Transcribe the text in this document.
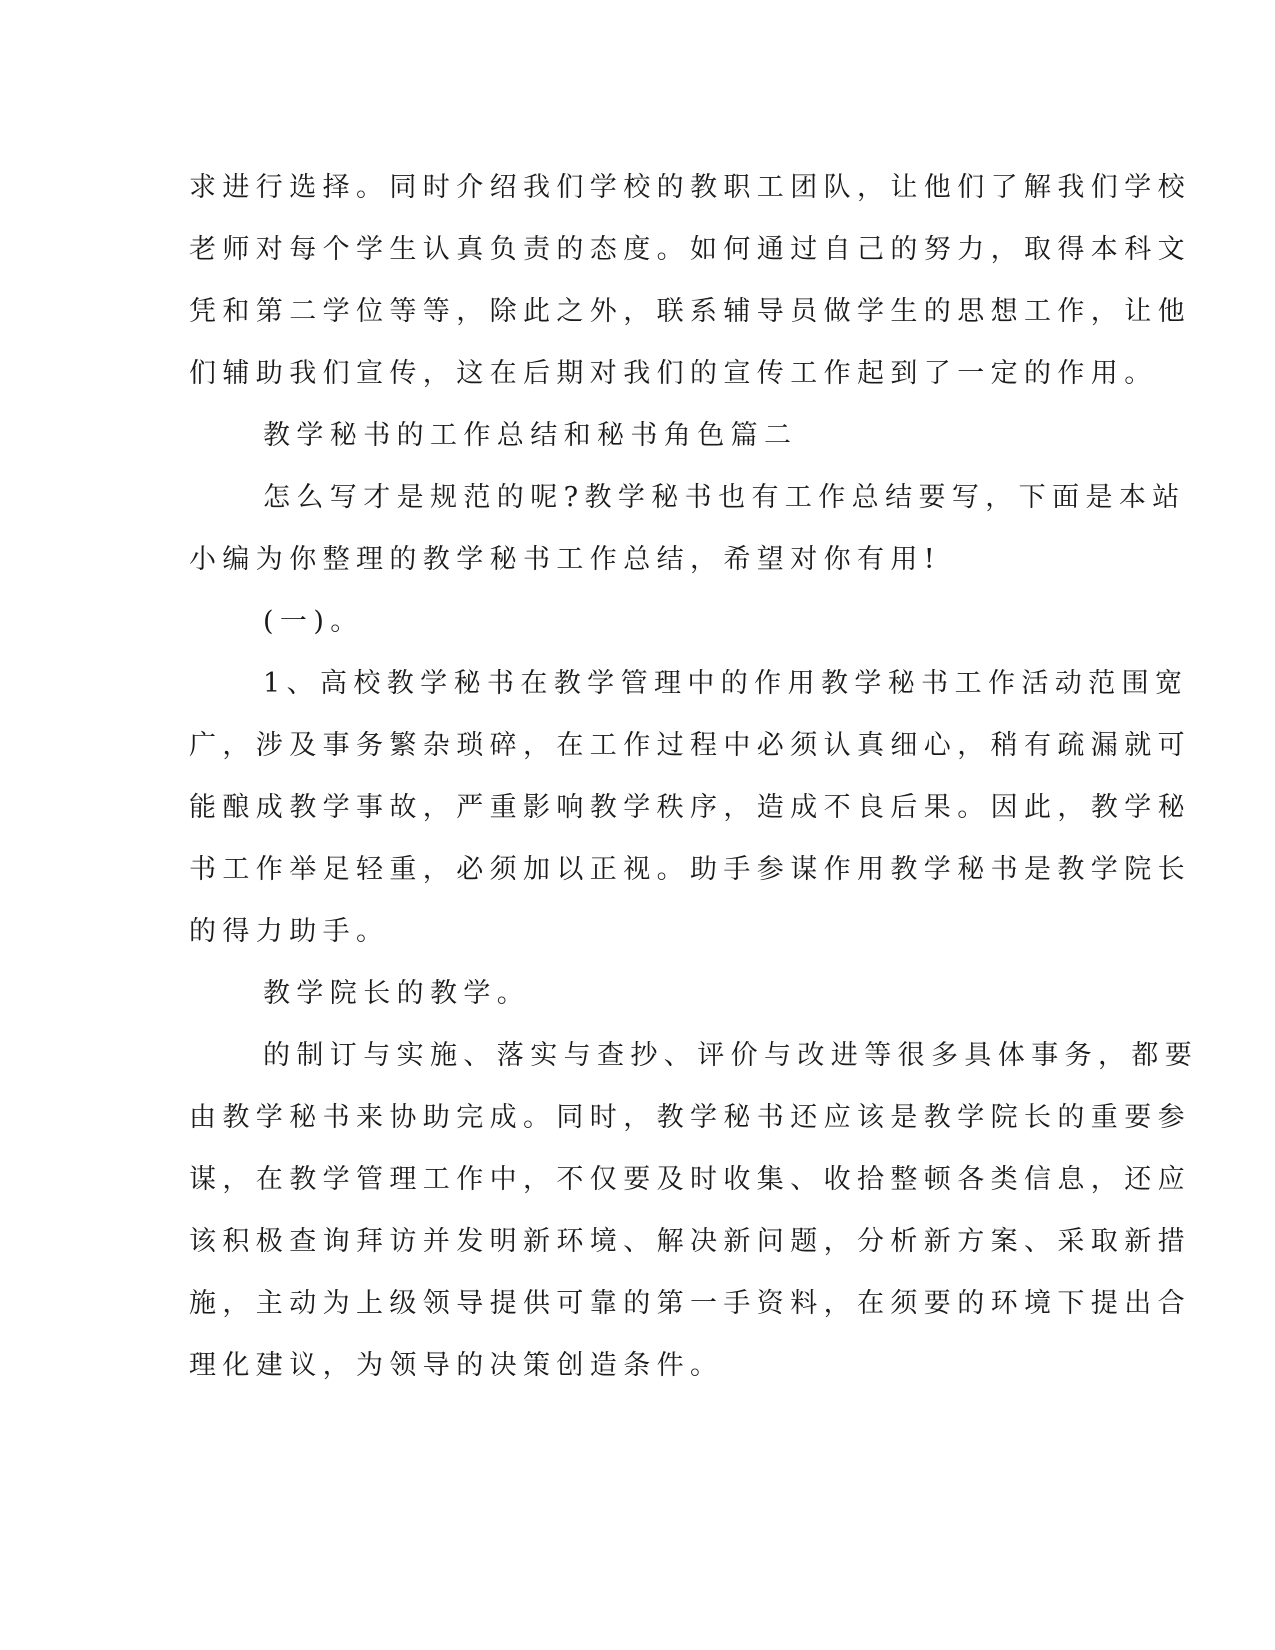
求进行选择。同时介绍我们学校的教职工团队，让他们了解我们学校

老师对每个学生认真负责的态度。如何通过自己的努力，取得本科文

凭和第二学位等等，除此之外，联系辅导员做学生的思想工作，让他

们辅助我们宣传，这在后期对我们的宣传工作起到了一定的作用。

教学秘书的工作总结和秘书角色篇二

怎么写才是规范的呢?教学秘书也有工作总结要写，下面是本站

小编为你整理的教学秘书工作总结，希望对你有用!

(一)。

1、高校教学秘书在教学管理中的作用教学秘书工作活动范围宽

广，涉及事务繁杂琐碎，在工作过程中必须认真细心，稍有疏漏就可

能酿成教学事故，严重影响教学秩序，造成不良后果。因此，教学秘

书工作举足轻重，必须加以正视。助手参谋作用教学秘书是教学院长

的得力助手。

教学院长的教学。

的制订与实施、落实与查抄、评价与改进等很多具体事务，都要

由教学秘书来协助完成。同时，教学秘书还应该是教学院长的重要参

谋，在教学管理工作中，不仅要及时收集、收拾整顿各类信息，还应

该积极查询拜访并发明新环境、解决新问题，分析新方案、采取新措

施，主动为上级领导提供可靠的第一手资料，在须要的环境下提出合

理化建议，为领导的决策创造条件。
